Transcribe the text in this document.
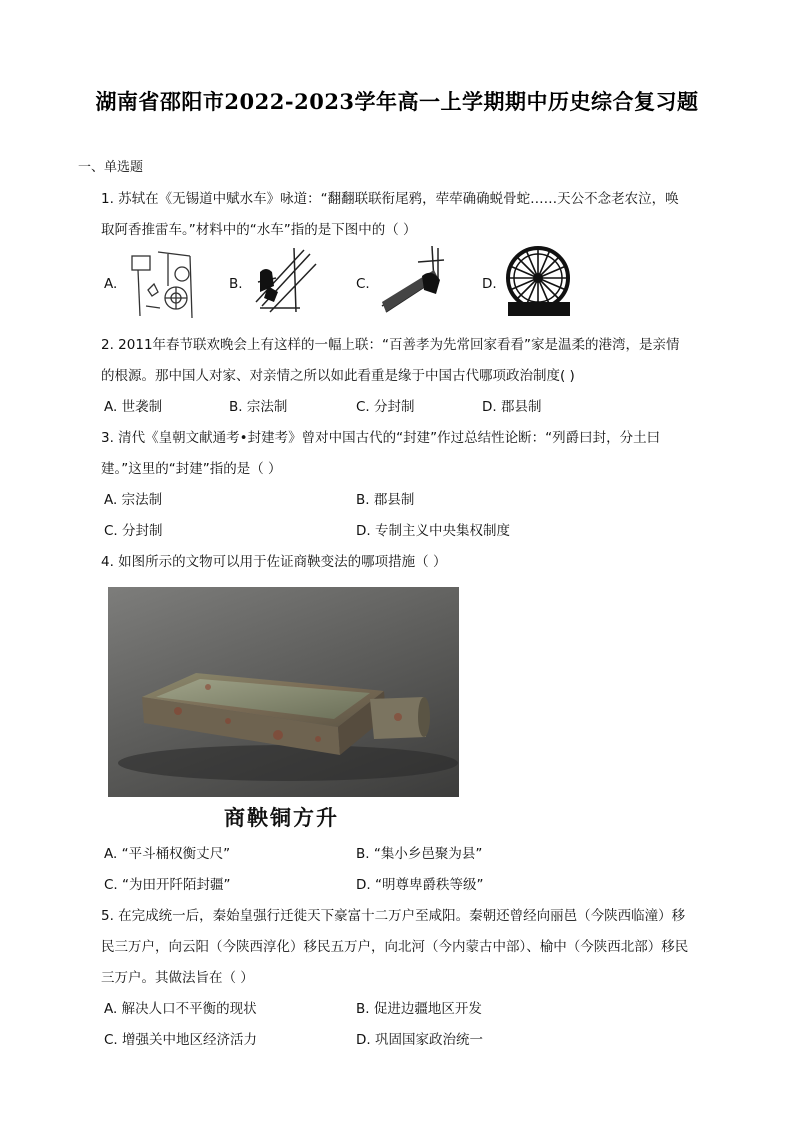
湖南省邵阳市2022-2023学年高一上学期期中历史综合复习题
一、单选题
1. 苏轼在《无锡道中赋水车》咏道：“翻翻联联衔尾鸦，荦荦确确蜕骨蛇……天公不念老农泣，唤
取阿香推雷车。”材料中的“水车”指的是下图中的（ ）
A.	B.	C.	D.
2. 2011年春节联欢晚会上有这样的一幅上联：“百善孝为先常回家看看”家是温柔的港湾，是亲情
的根源。那中国人对家、对亲情之所以如此看重是缘于中国古代哪项政治制度( )
A. 世袭制	B. 宗法制	C. 分封制	D. 郡县制
3. 清代《皇朝文献通考•封建考》曾对中国古代的“封建”作过总结性论断：“列爵曰封，分土曰
建。”这里的“封建”指的是（ ）
A. 宗法制	B. 郡县制
C. 分封制	D. 专制主义中央集权制度
4. 如图所示的文物可以用于佐证商鞅变法的哪项措施（ ）
商鞅铜方升
A. “平斗桶权衡丈尺”	B. “集小乡邑聚为县”
C. “为田开阡陌封疆”	D. “明尊卑爵秩等级”
5. 在完成统一后，秦始皇强行迁徙天下豪富十二万户至咸阳。秦朝还曾经向丽邑（今陕西临潼）移
民三万户，向云阳（今陕西淳化）移民五万户，向北河（今内蒙古中部）、榆中（今陕西北部）移民
三万户。其做法旨在（ ）
A. 解决人口不平衡的现状	B. 促进边疆地区开发
C. 增强关中地区经济活力	D. 巩固国家政治统一
